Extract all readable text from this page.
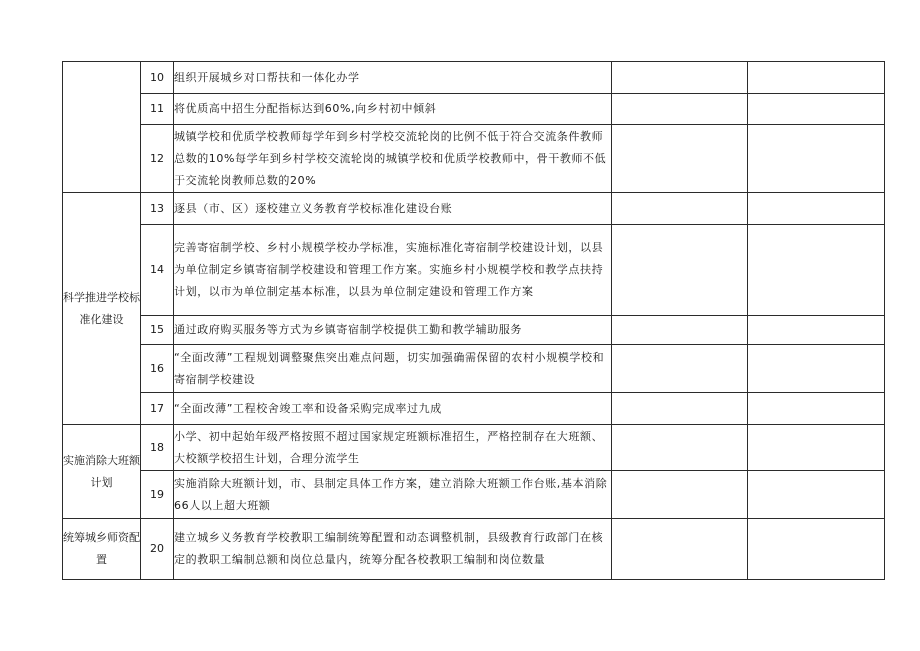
	10	组织开展城乡对口帮扶和一体化办学		
	11	将优质高中招生分配指标达到60%,向乡村初中倾斜		
	12	城镇学校和优质学校教师每学年到乡村学校交流轮岗的比例不低于符合交流条件教师总数的10%每学年到乡村学校交流轮岗的城镇学校和优质学校教师中，骨干教师不低于交流轮岗教师总数的20%		
科学推进学校标准化建设	13	逐县（市、区）逐校建立义务教育学校标准化建设台账		
	14	完善寄宿制学校、乡村小规模学校办学标准，实施标准化寄宿制学校建设计划，以县为单位制定乡镇寄宿制学校建设和管理工作方案。实施乡村小规模学校和教学点扶持计划，以市为单位制定基本标准，以县为单位制定建设和管理工作方案		
	15	通过政府购买服务等方式为乡镇寄宿制学校提供工勤和教学辅助服务		
	16	“全面改薄”工程规划调整聚焦突出难点问题，切实加强确需保留的农村小规模学校和寄宿制学校建设		
	17	“全面改薄”工程校舍竣工率和设备采购完成率过九成		
实施消除大班额计划	18	小学、初中起始年级严格按照不超过国家规定班额标准招生，严格控制存在大班额、大校额学校招生计划，合理分流学生		
	19	实施消除大班额计划，市、县制定具体工作方案，建立消除大班额工作台账,基本消除66人以上超大班额		
统筹城乡师资配置	20	建立城乡义务教育学校教职工编制统筹配置和动态调整机制，县级教育行政部门在核定的教职工编制总额和岗位总量内，统筹分配各校教职工编制和岗位数量		
